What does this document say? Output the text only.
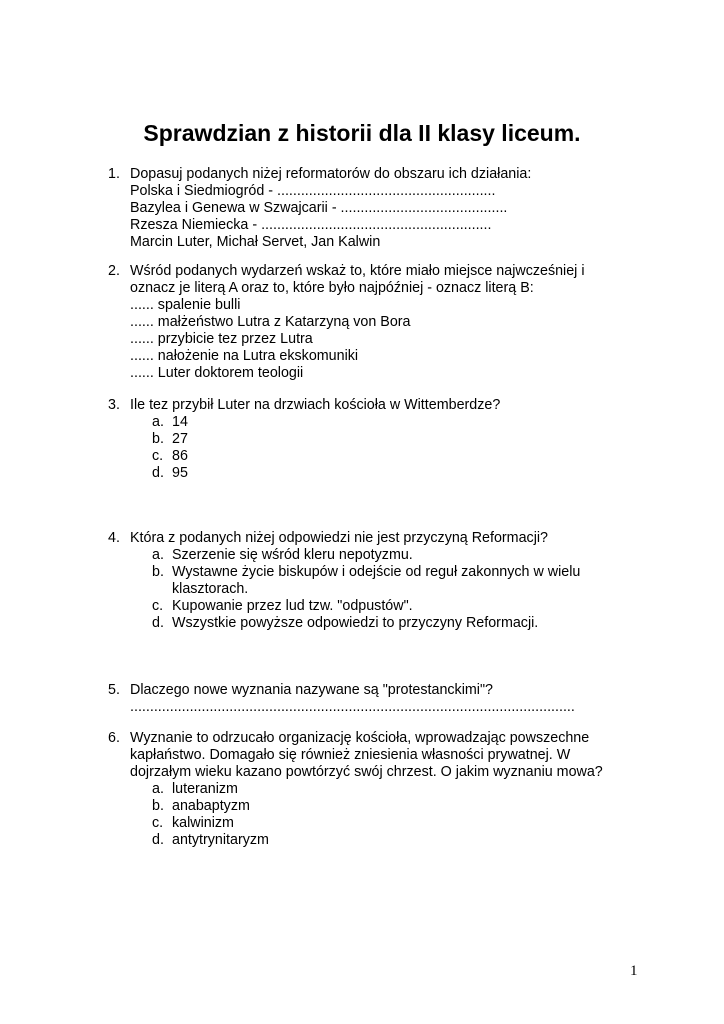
Sprawdzian z historii dla II klasy liceum.
1. Dopasuj podanych niżej reformatorów do obszaru ich działania:
Polska i Siedmiogród - .......................................................
Bazylea i Genewa w Szwajcarii - ..........................................
Rzesza Niemiecka - ..........................................................
Marcin Luter, Michał Servet, Jan Kalwin
2. Wśród podanych wydarzeń wskaż to, które miało miejsce najwcześniej i
oznacz je literą A oraz to, które było najpóźniej - oznacz literą B:
...... spalenie bulli
...... małżeństwo Lutra z Katarzyną von Bora
...... przybicie tez przez Lutra
...... nałożenie na Lutra ekskomuniki
...... Luter doktorem teologii
3. Ile tez przybił Luter na drzwiach kościoła w Wittemberdze?
a. 14
b. 27
c. 86
d. 95
4. Która z podanych niżej odpowiedzi nie jest przyczyną Reformacji?
a. Szerzenie się wśród kleru nepotyzmu.
b. Wystawne życie biskupów i odejście od reguł zakonnych w wielu
klasztorach.
c. Kupowanie przez lud tzw. "odpustów".
d. Wszystkie powyższe odpowiedzi to przyczyny Reformacji.
5. Dlaczego nowe wyznania nazywane są "protestanckimi"?
................................................................................................................
6. Wyznanie to odrzucało organizację kościoła, wprowadzając powszechne
kapłaństwo. Domagało się również zniesienia własności prywatnej. W
dojrzałym wieku kazano powtórzyć swój chrzest. O jakim wyznaniu mowa?
a. luteranizm
b. anabaptyzm
c. kalwinizm
d. antytrynitaryzm
1
